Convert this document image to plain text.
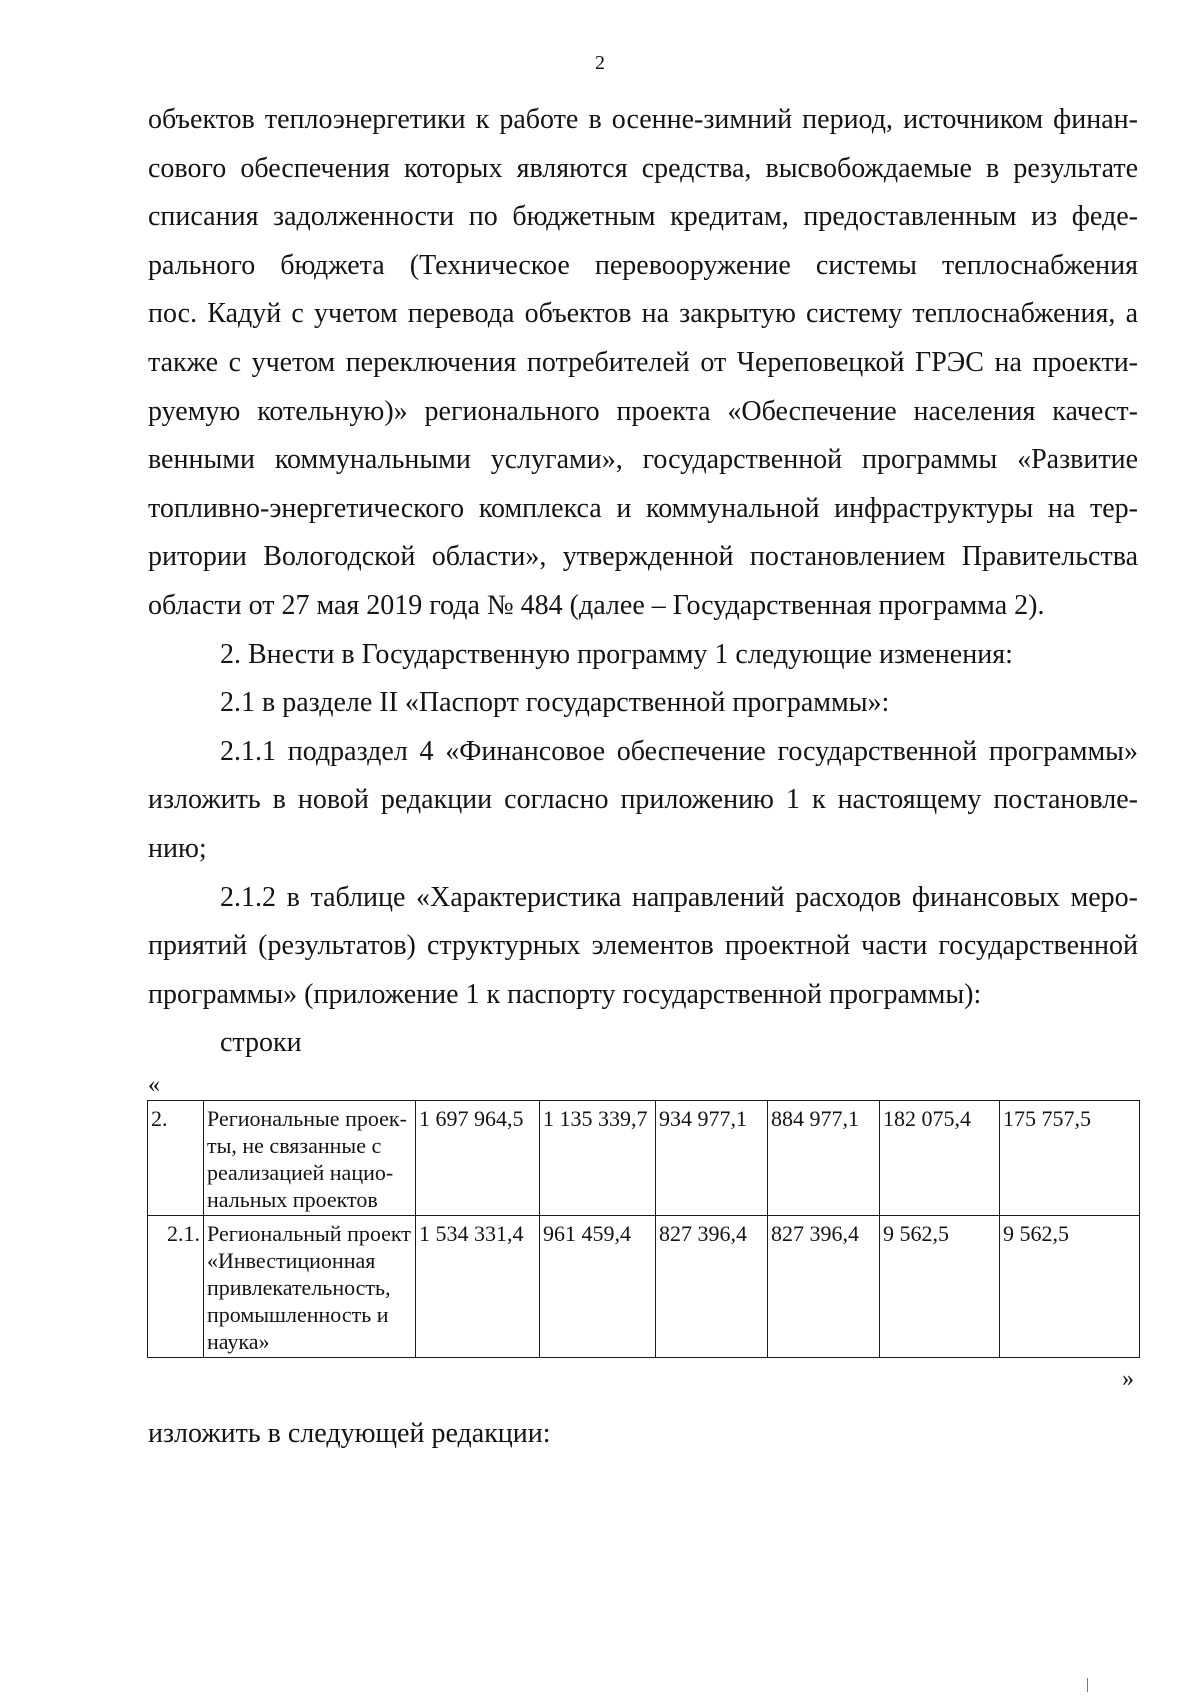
2
объектов теплоэнергетики к работе в осенне-зимний период, источником финан-
сового обеспечения которых являются средства, высвобождаемые в результате
списания задолженности по бюджетным кредитам, предоставленным из феде-
рального бюджета (Техническое перевооружение системы теплоснабжения
пос. Кадуй с учетом перевода объектов на закрытую систему теплоснабжения, а
также с учетом переключения потребителей от Череповецкой ГРЭС на проекти-
руемую котельную)» регионального проекта «Обеспечение населения качест-
венными коммунальными услугами», государственной программы «Развитие
топливно-энергетического комплекса и коммунальной инфраструктуры на тер-
ритории Вологодской области», утвержденной постановлением Правительства
области от 27 мая 2019 года № 484 (далее – Государственная программа 2).
2. Внести в Государственную программу 1 следующие изменения:
2.1 в разделе II «Паспорт государственной программы»:
2.1.1 подраздел 4 «Финансовое обеспечение государственной программы»
изложить в новой редакции согласно приложению 1 к настоящему постановле-
нию;
2.1.2 в таблице «Характеристика направлений расходов финансовых меро-
приятий (результатов) структурных элементов проектной части государственной
программы» (приложение 1 к паспорту государственной программы):
строки
«
2.	Региональные проек-ты, не связанные с реализацией нацио-нальных проектов	1 697 964,5	1 135 339,7	934 977,1	884 977,1	182 075,4	175 757,5
2.1.	Региональный проект «Инвестиционная привлекательность, промышленность и наука»	1 534 331,4	961 459,4	827 396,4	827 396,4	9 562,5	9 562,5
»
изложить в следующей редакции:
